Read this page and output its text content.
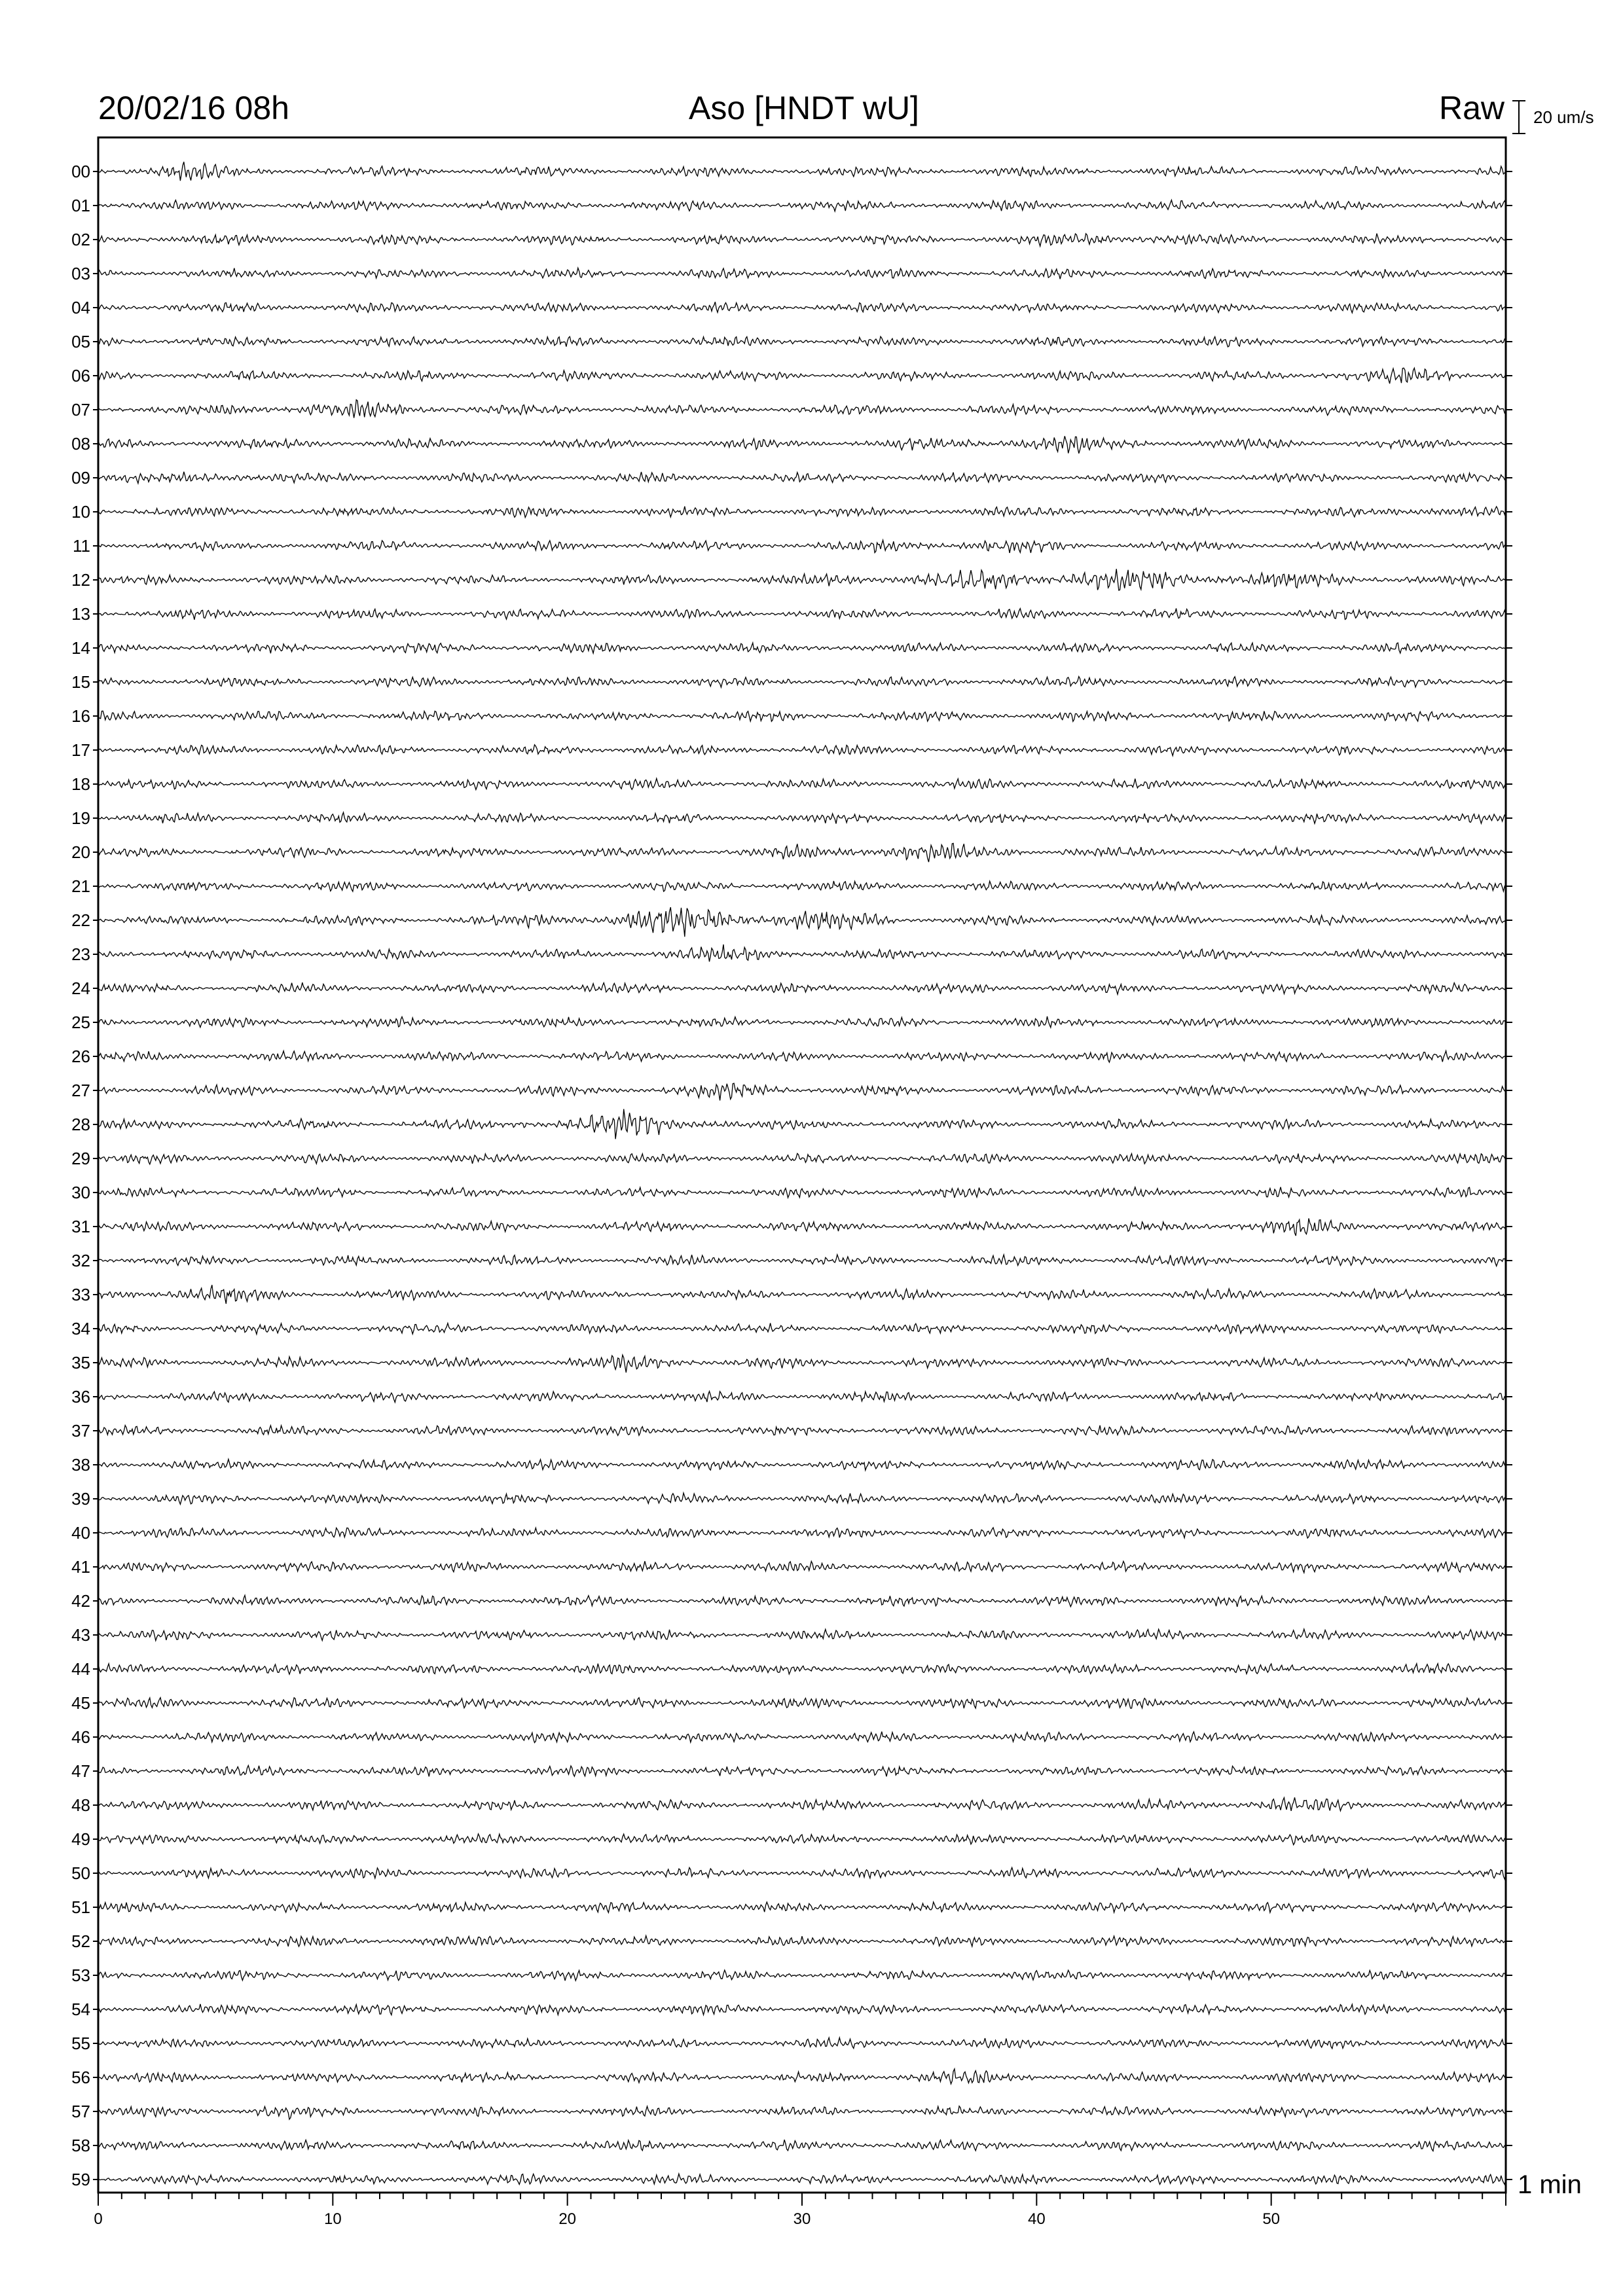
20/02/16 08h	Aso [HNDT wU]	Raw 20 um/s
00
01
02
03
04
05
06
07
08
09
10
11
12
13
14
15
16
17
18
19
20
21
22
23
24
25
26
27
28
29
30
31
32
33
34
35
36
37
38
39
40
41
42
43
44
45
46
47
48
49
50
51
52
53
54
55
56
57
58
59
0	10	20	30	40	50
1 min
